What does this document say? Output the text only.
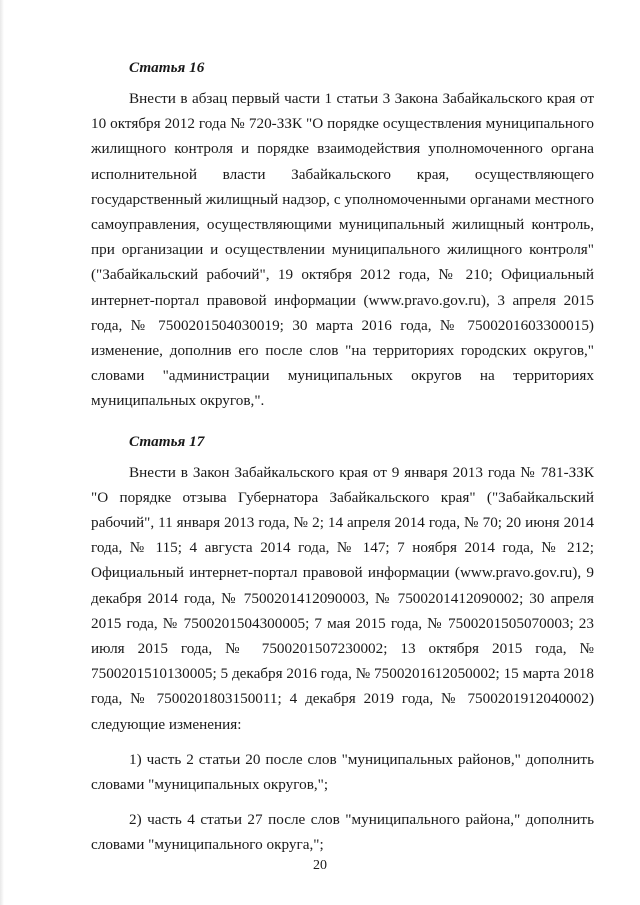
Статья 16

Внести в абзац первый части 1 статьи 3 Закона Забайкальского края от 10 октября 2012 года № 720-ЗЗК "О порядке осуществления муниципального жилищного контроля и порядке взаимодействия уполномоченного органа исполнительной власти Забайкальского края, осуществляющего государственный жилищный надзор, с уполномоченными органами местного самоуправления, осуществляющими муниципальный жилищный контроль, при организации и осуществлении муниципального жилищного контроля" ("Забайкальский рабочий", 19 октября 2012 года, № 210; Официальный интернет-портал правовой информации (www.pravo.gov.ru), 3 апреля 2015 года, № 7500201504030019; 30 марта 2016 года, № 7500201603300015) изменение, дополнив его после слов "на территориях городских округов," словами "администрации муниципальных округов на территориях муниципальных округов,".

Статья 17

Внести в Закон Забайкальского края от 9 января 2013 года № 781-ЗЗК "О порядке отзыва Губернатора Забайкальского края" ("Забайкальский рабочий", 11 января 2013 года, № 2; 14 апреля 2014 года, № 70; 20 июня 2014 года, № 115; 4 августа 2014 года, № 147; 7 ноября 2014 года, № 212; Официальный интернет-портал правовой информации (www.pravo.gov.ru), 9 декабря 2014 года, № 7500201412090003, № 7500201412090002; 30 апреля 2015 года, № 7500201504300005; 7 мая 2015 года, № 7500201505070003; 23 июля 2015 года, № 7500201507230002; 13 октября 2015 года, № 7500201510130005; 5 декабря 2016 года, № 7500201612050002; 15 марта 2018 года, № 7500201803150011; 4 декабря 2019 года, № 7500201912040002) следующие изменения:

1) часть 2 статьи 20 после слов "муниципальных районов," дополнить словами "муниципальных округов,";

2) часть 4 статьи 27 после слов "муниципального района," дополнить словами "муниципального округа,";

20
